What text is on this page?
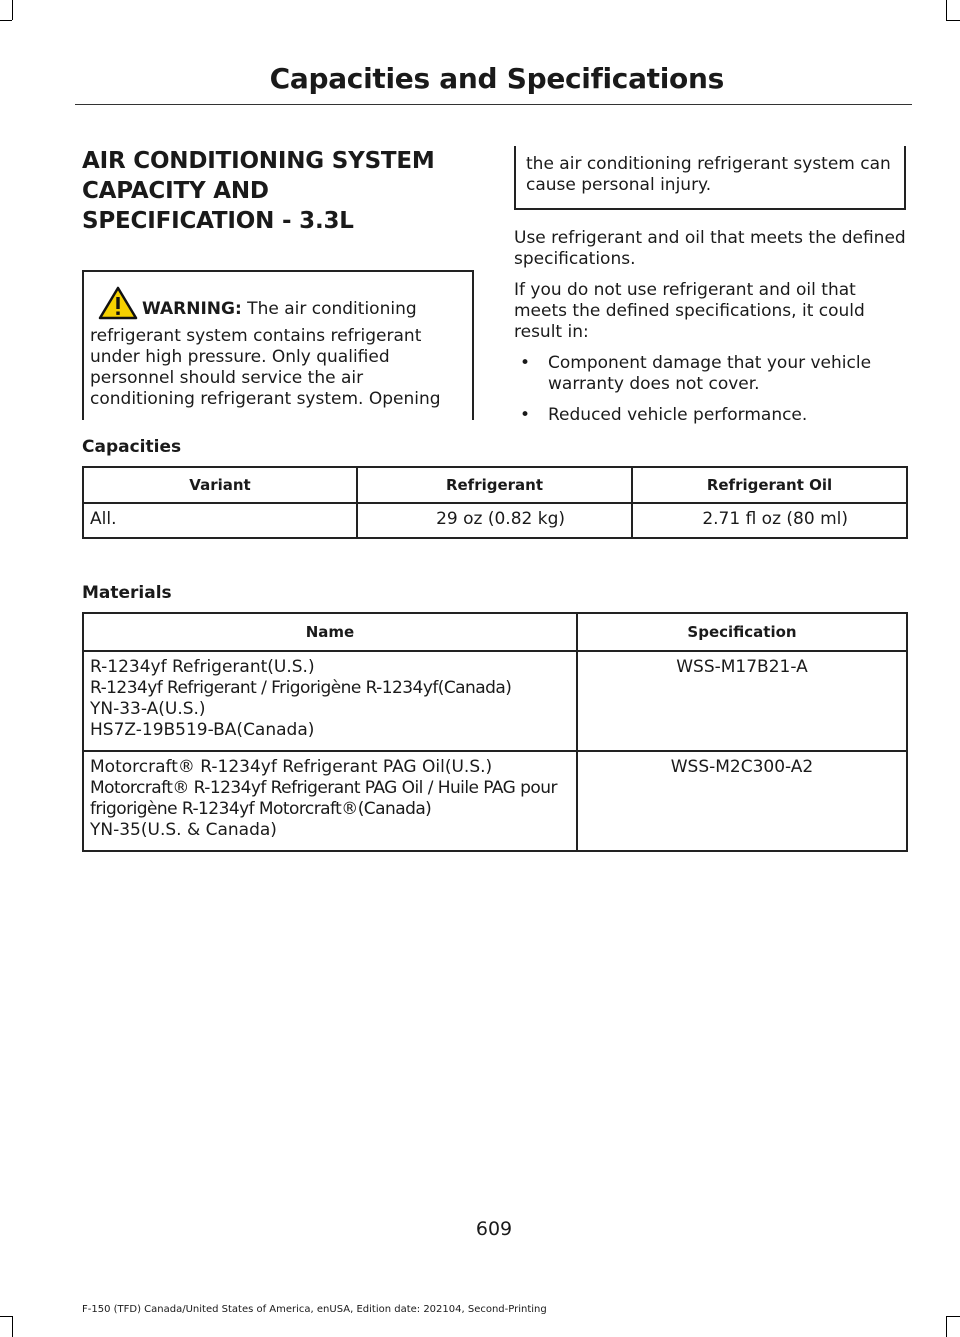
Capacities and Specifications
AIR CONDITIONING SYSTEM
CAPACITY AND
SPECIFICATION - 3.3L
WARNING: The air conditioning refrigerant system contains refrigerant under high pressure. Only qualified personnel should service the air conditioning refrigerant system. Opening

the air conditioning refrigerant system can cause personal injury.

Use refrigerant and oil that meets the defined specifications.

If you do not use refrigerant and oil that meets the defined specifications, it could result in:

• Component damage that your vehicle warranty does not cover.
• Reduced vehicle performance.
Capacities
Variant	Refrigerant	Refrigerant Oil
All.	29 oz (0.82 kg)	2.71 fl oz (80 ml)
Materials
Name	Specification

R-1234yf Refrigerant(U.S.)
R-1234yf Refrigerant / Frigorigène R-1234yf(Canada)
YN-33-A(U.S.)
HS7Z-19B519-BA(Canada)	WSS-M17B21-A

Motorcraft® R-1234yf Refrigerant PAG Oil(U.S.)
Motorcraft® R-1234yf Refrigerant PAG Oil / Huile PAG pour frigorigène R-1234yf Motorcraft®(Canada)
YN-35(U.S. & Canada)	WSS-M2C300-A2
609
F-150 (TFD) Canada/United States of America, enUSA, Edition date: 202104, Second-Printing
